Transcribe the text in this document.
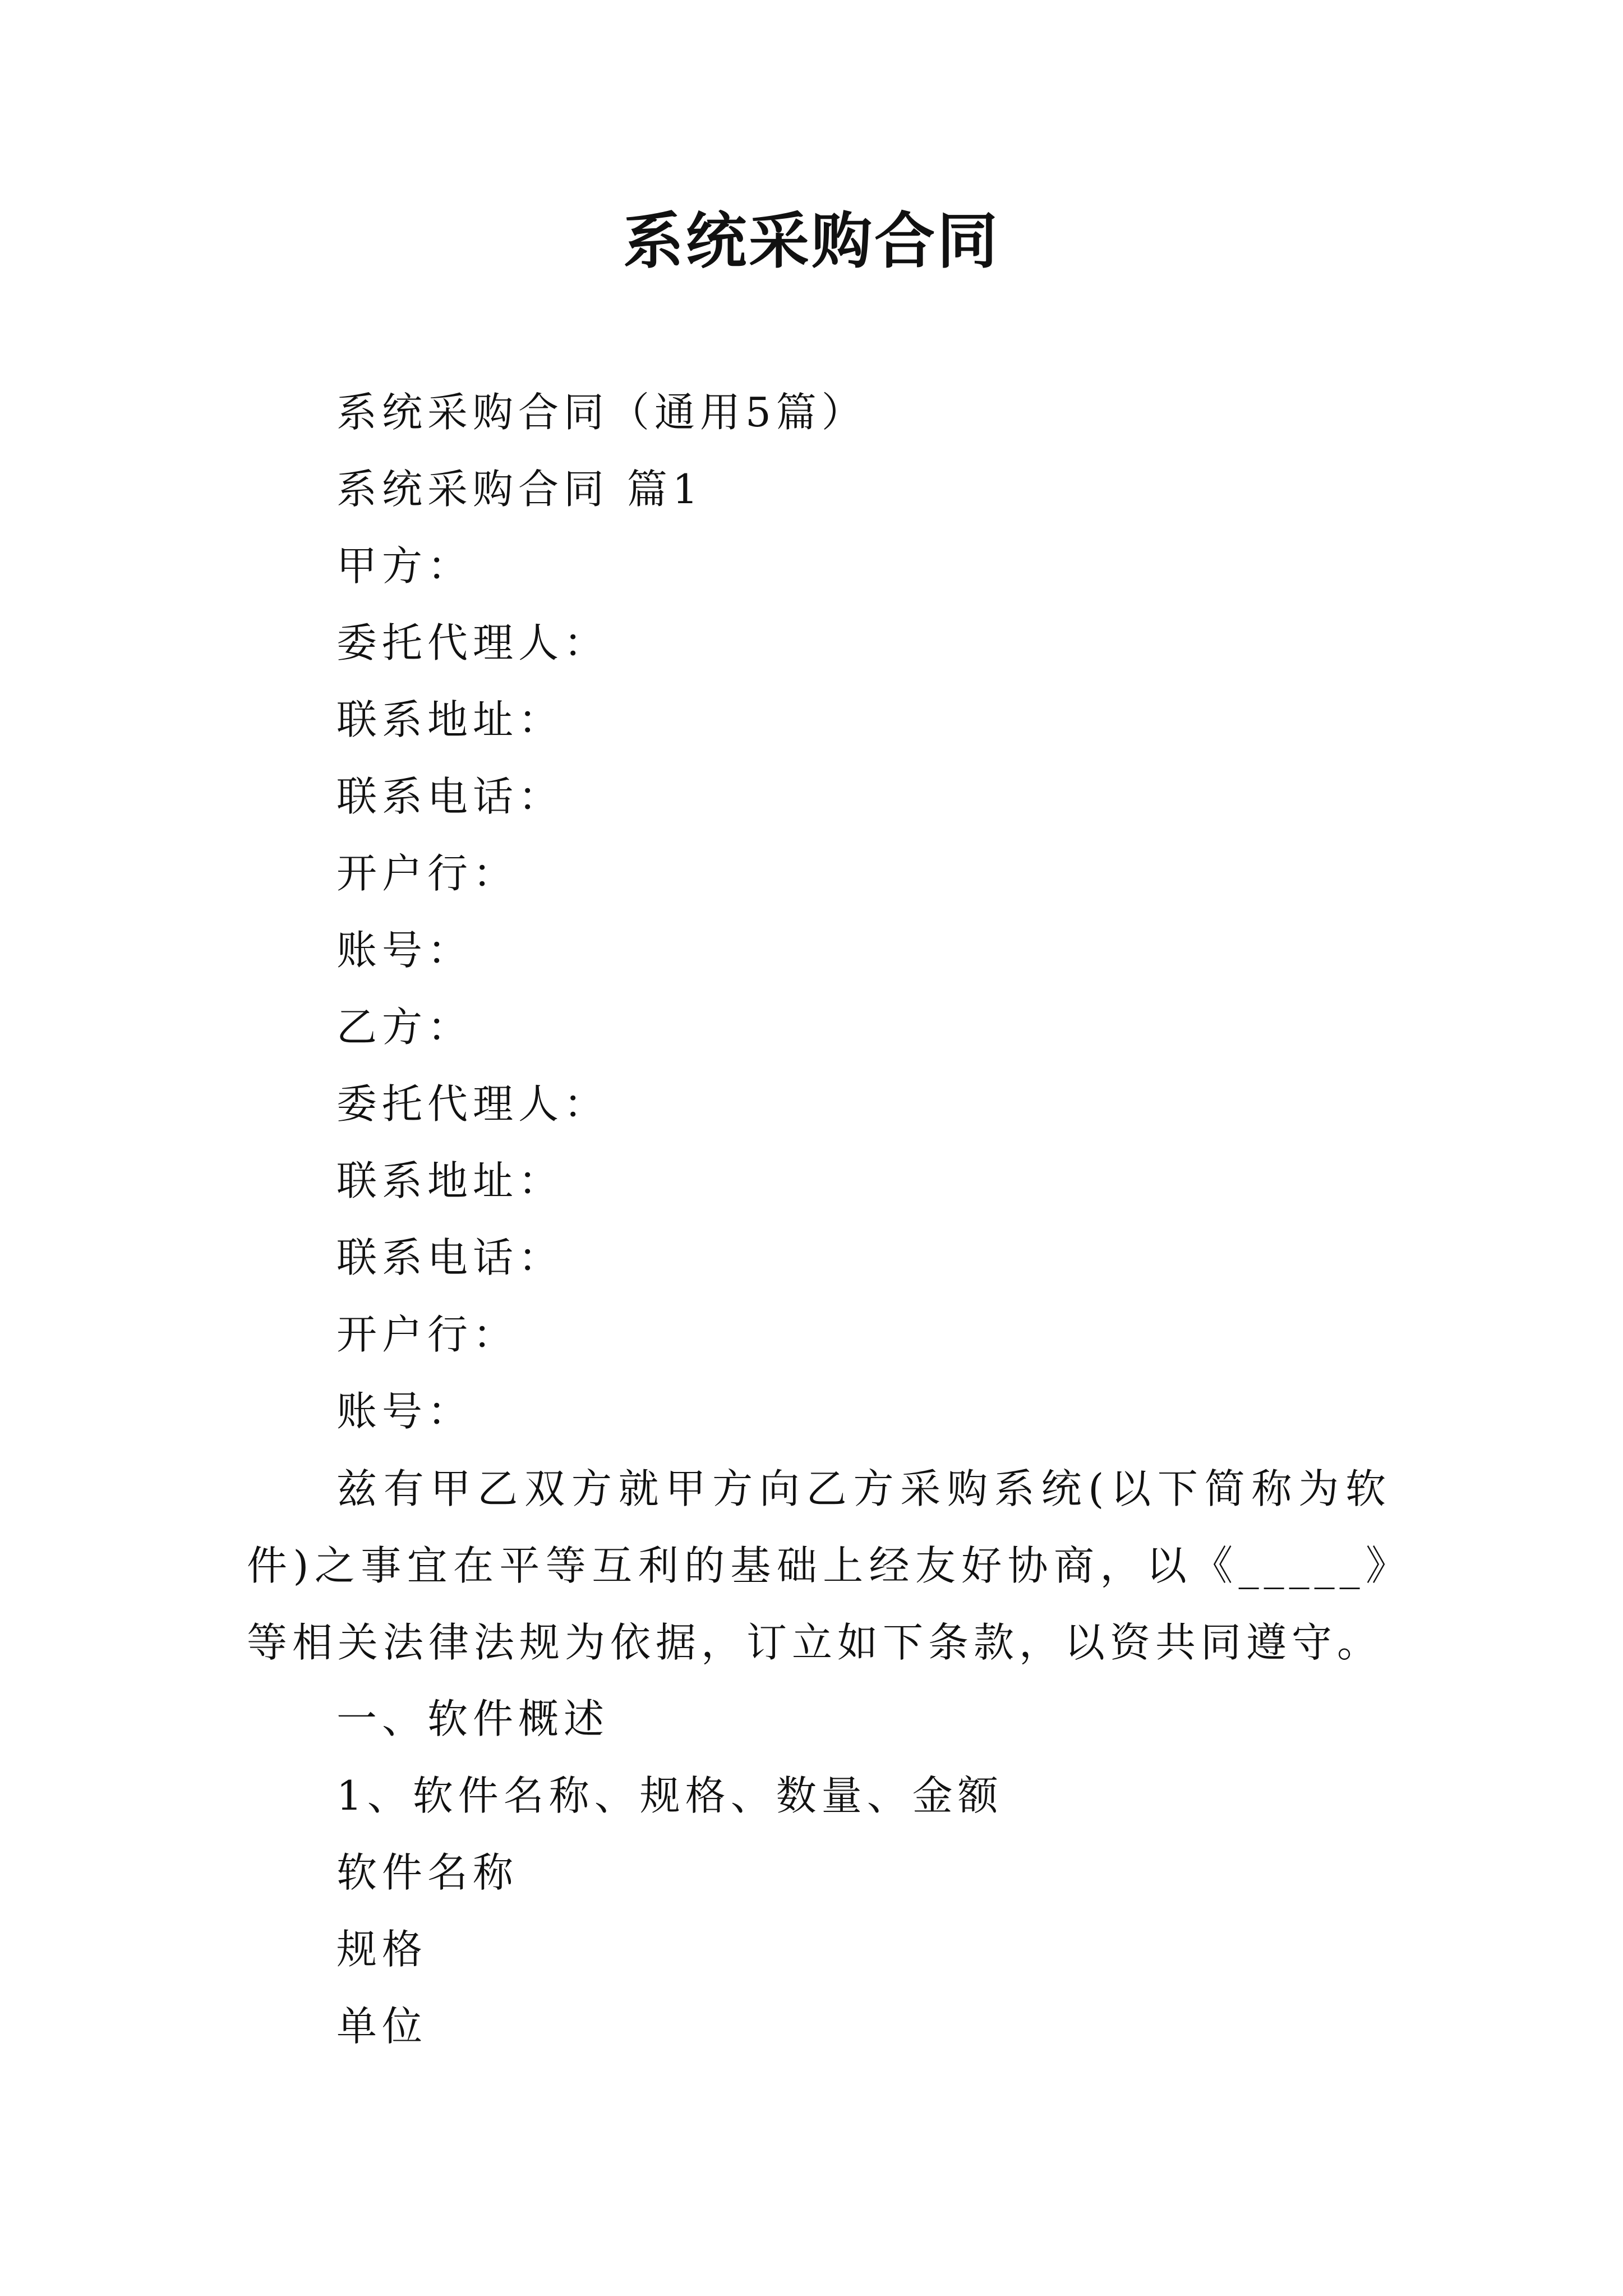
系统采购合同
系统采购合同（通用5篇）
系统采购合同 篇1
甲方：
委托代理人：
联系地址：
联系电话：
开户行：
账号：
乙方：
委托代理人：
联系地址：
联系电话：
开户行：
账号：
兹有甲乙双方就甲方向乙方采购系统(以下简称为软件)之事宜在平等互利的基础上经友好协商，以《_____》等相关法律法规为依据，订立如下条款，以资共同遵守。
一、软件概述
1、软件名称、规格、数量、金额
软件名称
规格
单位
